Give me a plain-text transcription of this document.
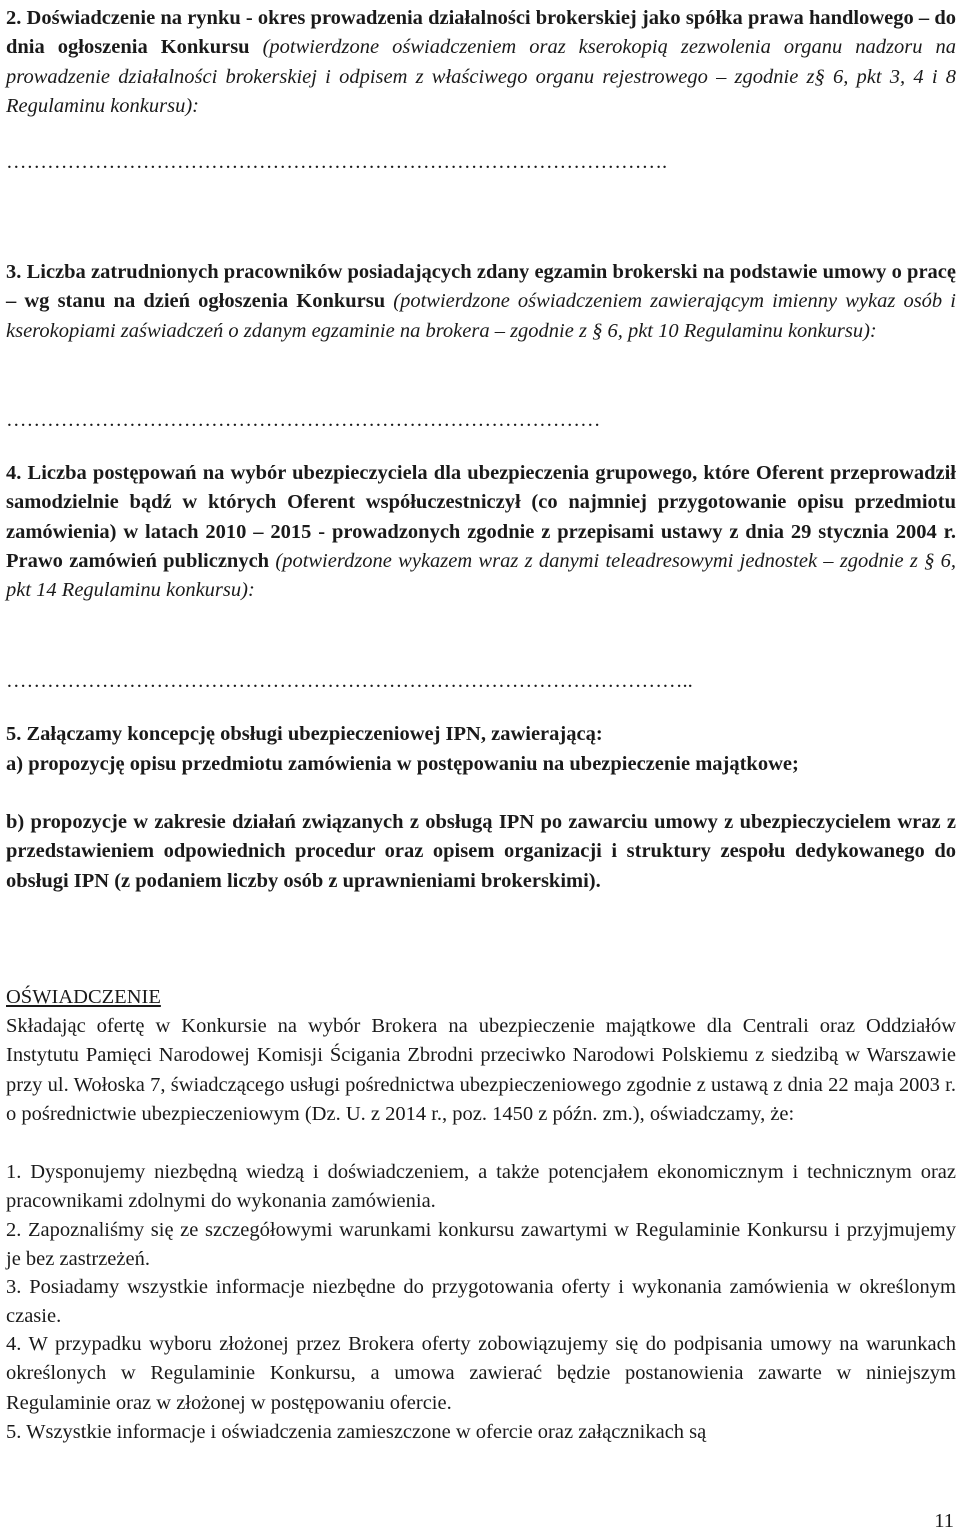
2. Doświadczenie na rynku - okres prowadzenia działalności brokerskiej jako spółka prawa handlowego – do dnia ogłoszenia Konkursu (potwierdzone oświadczeniem oraz kserokopią zezwolenia organu nadzoru na prowadzenie działalności brokerskiej i odpisem z właściwego organu rejestrowego – zgodnie z§ 6, pkt 3, 4 i 8 Regulaminu konkursu):

…………………………………………………………………………………….

3. Liczba zatrudnionych pracowników posiadających zdany egzamin brokerski na podstawie umowy o pracę – wg stanu na dzień ogłoszenia Konkursu (potwierdzone oświadczeniem zawierającym imienny wykaz osób i kserokopiami zaświadczeń o zdanym egzaminie na brokera – zgodnie z § 6, pkt 10 Regulaminu konkursu):

……………………………………………………………………………

4. Liczba postępowań na wybór ubezpieczyciela dla ubezpieczenia grupowego, które Oferent przeprowadził samodzielnie bądź w których Oferent współuczestniczył (co najmniej przygotowanie opisu przedmiotu zamówienia) w latach 2010 – 2015 - prowadzonych zgodnie z przepisami ustawy z dnia 29 stycznia 2004 r. Prawo zamówień publicznych (potwierdzone wykazem wraz z danymi teleadresowymi jednostek – zgodnie z § 6, pkt 14 Regulaminu konkursu):

………………………………………………………………………………………..

5. Załączamy koncepcję obsługi ubezpieczeniowej IPN, zawierającą:

a) propozycję opisu przedmiotu zamówienia w postępowaniu na ubezpieczenie majątkowe;

b) propozycje w zakresie działań związanych z obsługą IPN po zawarciu umowy z ubezpieczycielem wraz z przedstawieniem odpowiednich procedur oraz opisem organizacji i struktury zespołu dedykowanego do obsługi IPN (z podaniem liczby osób z uprawnieniami brokerskimi).

OŚWIADCZENIE

Składając ofertę w Konkursie na wybór Brokera na ubezpieczenie majątkowe dla Centrali oraz Oddziałów Instytutu Pamięci Narodowej Komisji Ścigania Zbrodni przeciwko Narodowi Polskiemu z siedzibą w Warszawie przy ul. Wołoska 7, świadczącego usługi pośrednictwa ubezpieczeniowego zgodnie z ustawą z dnia 22 maja 2003 r. o pośrednictwie ubezpieczeniowym (Dz. U. z 2014 r., poz. 1450 z późn. zm.), oświadczamy, że:

1. Dysponujemy niezbędną wiedzą i doświadczeniem, a także potencjałem ekonomicznym i technicznym oraz pracownikami zdolnymi do wykonania zamówienia.

2. Zapoznaliśmy się ze szczegółowymi warunkami konkursu zawartymi w Regulaminie Konkursu i przyjmujemy je bez zastrzeżeń.

3. Posiadamy wszystkie informacje niezbędne do przygotowania oferty i wykonania zamówienia w określonym czasie.

4. W przypadku wyboru złożonej przez Brokera oferty zobowiązujemy się do podpisania umowy na warunkach określonych w Regulaminie Konkursu, a umowa zawierać będzie postanowienia zawarte w niniejszym Regulaminie oraz w złożonej w postępowaniu ofercie.

5. Wszystkie informacje i oświadczenia zamieszczone w ofercie oraz załącznikach są

11
